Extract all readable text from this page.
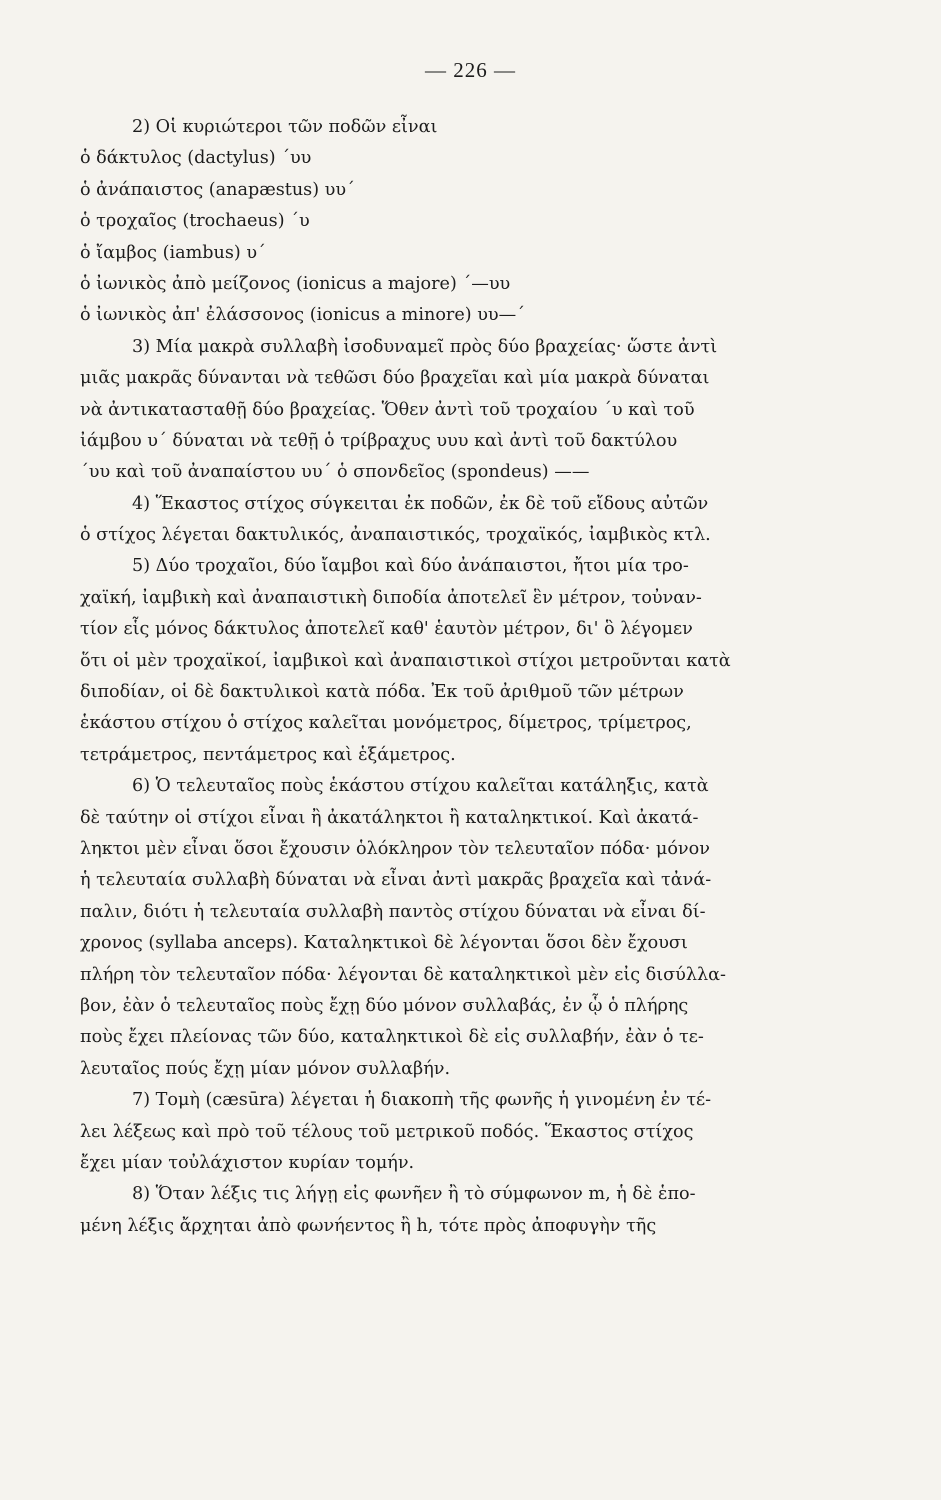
— 226 —
2) Οἱ κυριώτεροι τῶν ποδῶν εἶναι
ὁ δάκτυλος (dactylus) ˊυυ
ὁ ἀνάπαιστος (anapæstus) υυˊ
ὁ τροχαῖος (trochaeus) ˊυ
ὁ ἴαμβος (iambus) υˊ
ὁ ἰωνικὸς ἀπὸ μείζονος (ionicus a majore) ˊ—υυ
ὁ ἰωνικὸς ἀπ' ἐλάσσονος (ionicus a minore) υυ—ˊ
3) Μία μακρὰ συλλαβὴ ἰσοδυναμεῖ πρὸς δύο βραχείας· ὥστε ἀντὶ
μιᾶς μακρᾶς δύνανται νὰ τεθῶσι δύο βραχεῖαι καὶ μία μακρὰ δύναται
νὰ ἀντικατασταθῇ δύο βραχείας. Ὅθεν ἀντὶ τοῦ τροχαίου ˊυ καὶ τοῦ
ἰάμβου υˊ δύναται νὰ τεθῇ ὁ τρίβραχυς υυυ καὶ ἀντὶ τοῦ δακτύλου
ˊυυ καὶ τοῦ ἀναπαίστου υυˊ ὁ σπονδεῖος (spondeus) ——
4) Ἕκαστος στίχος σύγκειται ἐκ ποδῶν, ἐκ δὲ τοῦ εἴδους αὐτῶν
ὁ στίχος λέγεται δακτυλικός, ἀναπαιστικός, τροχαϊκός, ἰαμβικὸς κτλ.
5) Δύο τροχαῖοι, δύο ἴαμβοι καὶ δύο ἀνάπαιστοι, ἤτοι μία τρο-
χαϊκή, ἰαμβικὴ καὶ ἀναπαιστικὴ διποδία ἀποτελεῖ ἓν μέτρον, τοὐναν-
τίον εἷς μόνος δάκτυλος ἀποτελεῖ καθ' ἑαυτὸν μέτρον, δι' ὃ λέγομεν
ὅτι οἱ μὲν τροχαϊκοί, ἰαμβικοὶ καὶ ἀναπαιστικοὶ στίχοι μετροῦνται κατὰ
διποδίαν, οἱ δὲ δακτυλικοὶ κατὰ πόδα. Ἐκ τοῦ ἀριθμοῦ τῶν μέτρων
ἑκάστου στίχου ὁ στίχος καλεῖται μονόμετρος, δίμετρος, τρίμετρος,
τετράμετρος, πεντάμετρος καὶ ἑξάμετρος.
6) Ὁ τελευταῖος ποὺς ἑκάστου στίχου καλεῖται κατάληξις, κατὰ
δὲ ταύτην οἱ στίχοι εἶναι ἢ ἀκατάληκτοι ἢ καταληκτικοί. Καὶ ἀκατά-
ληκτοι μὲν εἶναι ὅσοι ἔχουσιν ὁλόκληρον τὸν τελευταῖον πόδα· μόνον
ἡ τελευταία συλλαβὴ δύναται νὰ εἶναι ἀντὶ μακρᾶς βραχεῖα καὶ τἀνά-
παλιν, διότι ἡ τελευταία συλλαβὴ παντὸς στίχου δύναται νὰ εἶναι δί-
χρονος (syllaba anceps). Καταληκτικοὶ δὲ λέγονται ὅσοι δὲν ἔχουσι
πλήρη τὸν τελευταῖον πόδα· λέγονται δὲ καταληκτικοὶ μὲν εἰς δισύλλα-
βον, ἐὰν ὁ τελευταῖος ποὺς ἔχῃ δύο μόνον συλλαβάς, ἐν ᾧ ὁ πλήρης
ποὺς ἔχει πλείονας τῶν δύο, καταληκτικοὶ δὲ εἰς συλλαβήν, ἐὰν ὁ τε-
λευταῖος πούς ἔχῃ μίαν μόνον συλλαβήν.
7) Τομὴ (cæsūra) λέγεται ἡ διακοπὴ τῆς φωνῆς ἡ γινομένη ἐν τέ-
λει λέξεως καὶ πρὸ τοῦ τέλους τοῦ μετρικοῦ ποδός. Ἕκαστος στίχος
ἔχει μίαν τοὐλάχιστον κυρίαν τομήν.
8) Ὅταν λέξις τις λήγῃ εἰς φωνῆεν ἢ τὸ σύμφωνον m, ἡ δὲ ἑπο-
μένη λέξις ἄρχηται ἀπὸ φωνήεντος ἢ h, τότε πρὸς ἀποφυγὴν τῆς
